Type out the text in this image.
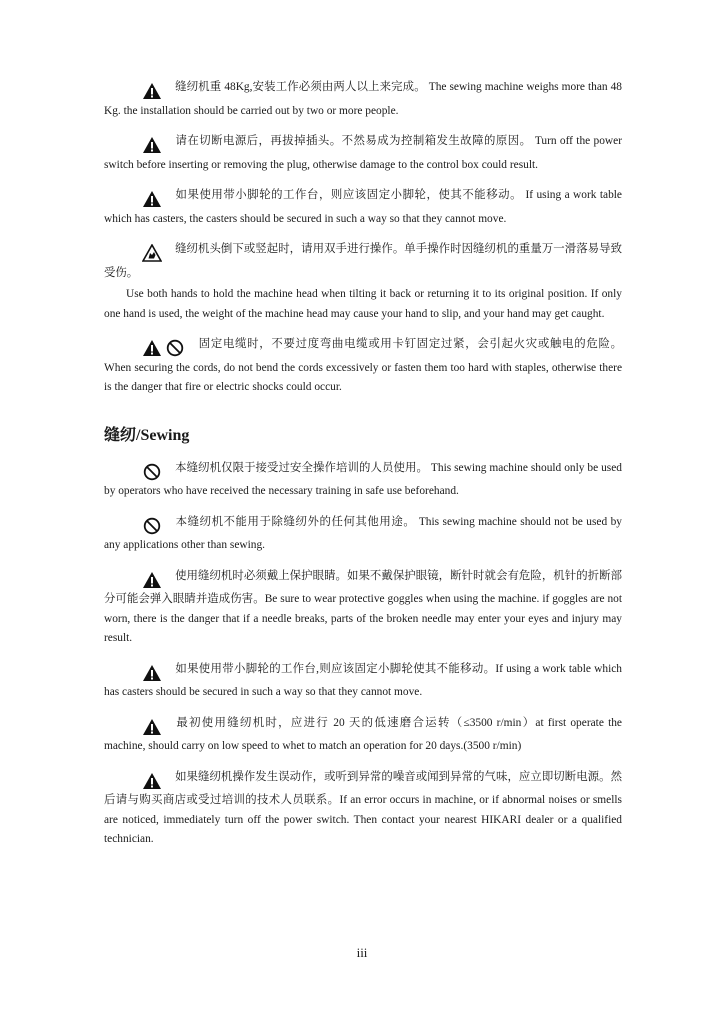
缝纫机重 48Kg,安装工作必须由两人以上来完成。 The sewing machine weighs more than 48 Kg. the installation should be carried out by two or more people.

请在切断电源后，再拔掉插头。不然易成为控制箱发生故障的原因。 Turn off the power switch before inserting or removing the plug, otherwise damage to the control box could result.

如果使用带小脚轮的工作台，则应该固定小脚轮，使其不能移动。 If using a work table which has casters, the casters should be secured in such a way so that they cannot move.

缝纫机头倒下或竖起时，请用双手进行操作。单手操作时因缝纫机的重量万一滑落易导致受伤。

Use both hands to hold the machine head when tilting it back or returning it to its original position. If only one hand is used, the weight of the machine head may cause your hand to slip, and your hand may get caught.

固定电缆时，不要过度弯曲电缆或用卡钉固定过紧，会引起火灾或触电的危险。When securing the cords, do not bend the cords excessively or fasten them too hard with staples, otherwise there is the danger that fire or electric shocks could occur.

缝纫/Sewing

本缝纫机仅限于接受过安全操作培训的人员使用。 This sewing machine should only be used by operators who have received the necessary training in safe use beforehand.

本缝纫机不能用于除缝纫外的任何其他用途。 This sewing machine should not be used by any applications other than sewing.

使用缝纫机时必须戴上保护眼睛。如果不戴保护眼镜，断针时就会有危险，机针的折断部分可能会弹入眼睛并造成伤害。Be sure to wear protective goggles when using the machine. if goggles are not worn, there is the danger that if a needle breaks, parts of the broken needle may enter your eyes and injury may result.

如果使用带小脚轮的工作台,则应该固定小脚轮使其不能移动。If using a work table which has casters should be secured in such a way so that they cannot move.

最初使用缝纫机时，应进行 20 天的低速磨合运转（≤3500 r/min）at first operate the machine, should carry on low speed to whet to match an operation for 20 days.(3500 r/min)

如果缝纫机操作发生误动作，或听到异常的噪音或闻到异常的气味，应立即切断电源。然后请与购买商店或受过培训的技术人员联系。If an error occurs in machine, or if abnormal noises or smells are noticed, immediately turn off the power switch. Then contact your nearest HIKARI dealer or a qualified technician.

iii
